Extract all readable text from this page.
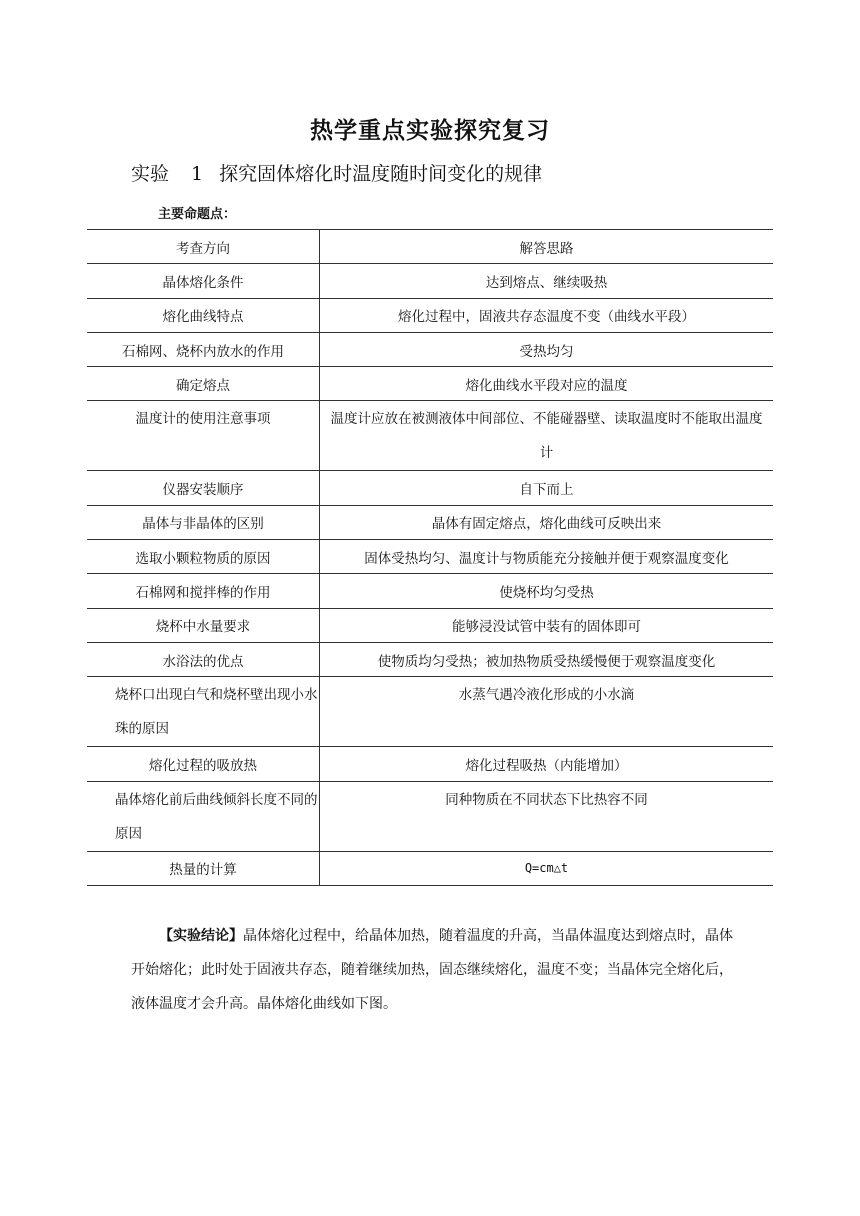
热学重点实验探究复习
实验 1 探究固体熔化时温度随时间变化的规律
主要命题点：
考查方向	解答思路
晶体熔化条件	达到熔点、继续吸热
熔化曲线特点	熔化过程中，固液共存态温度不变（曲线水平段）
石棉网、烧杯内放水的作用	受热均匀
确定熔点	熔化曲线水平段对应的温度
温度计的使用注意事项	温度计应放在被测液体中间部位、不能碰器壁、读取温度时不能取出温度计
仪器安装顺序	自下而上
晶体与非晶体的区别	晶体有固定熔点，熔化曲线可反映出来
选取小颗粒物质的原因	固体受热均匀、温度计与物质能充分接触并便于观察温度变化
石棉网和搅拌棒的作用	使烧杯均匀受热
烧杯中水量要求	能够浸没试管中装有的固体即可
水浴法的优点	使物质均匀受热；被加热物质受热缓慢便于观察温度变化
烧杯口出现白气和烧杯壁出现小水珠的原因	水蒸气遇冷液化形成的小水滴
熔化过程的吸放热	熔化过程吸热（内能增加）
晶体熔化前后曲线倾斜长度不同的原因	同种物质在不同状态下比热容不同
热量的计算	Q=cm△t

【实验结论】晶体熔化过程中，给晶体加热，随着温度的升高，当晶体温度达到熔点时，晶体开始熔化；此时处于固液共存态，随着继续加热，固态继续熔化，温度不变；当晶体完全熔化后，液体温度才会升高。晶体熔化曲线如下图。
